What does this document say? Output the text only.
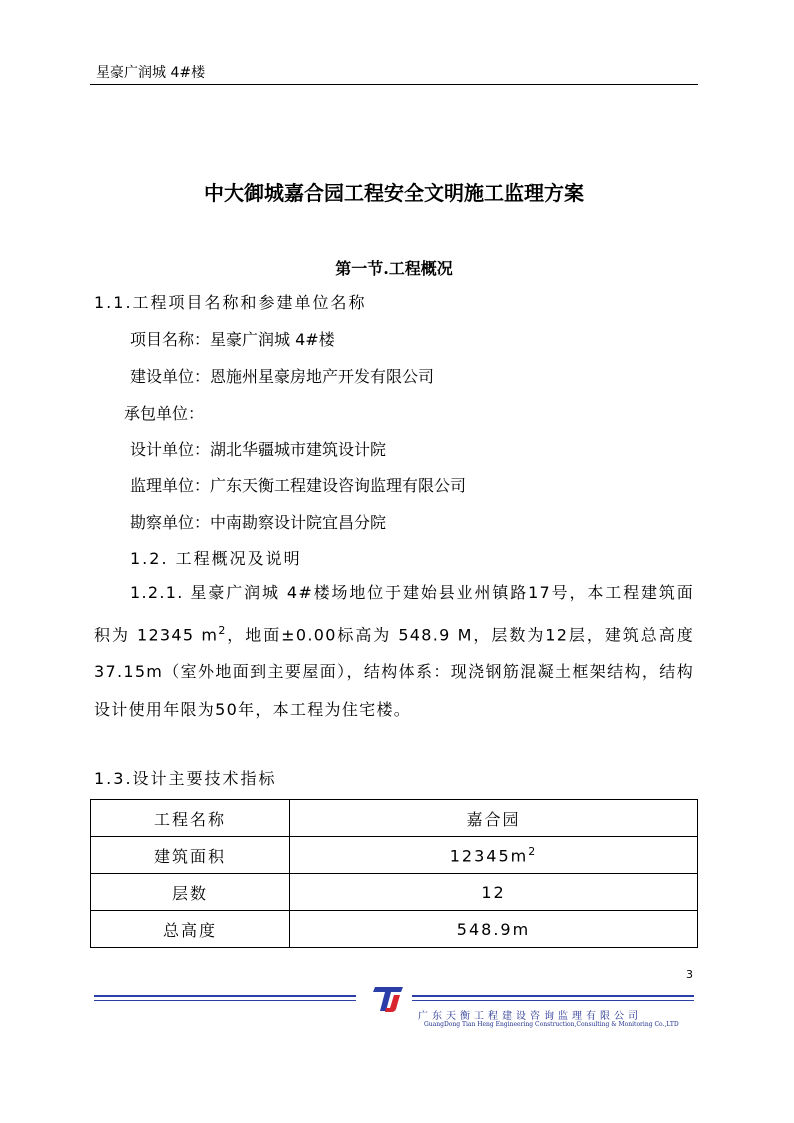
星豪广润城 4#楼
中大御城嘉合园工程安全文明施工监理方案
第一节.工程概况
1.1.工程项目名称和参建单位名称
项目名称：星豪广润城 4#楼
建设单位：恩施州星豪房地产开发有限公司
承包单位：
设计单位：湖北华疆城市建筑设计院
监理单位：广东天衡工程建设咨询监理有限公司
勘察单位：中南勘察设计院宜昌分院
1.2. 工程概况及说明
1.2.1. 星豪广润城 4#楼场地位于建始县业州镇路17号，本工程建筑面积为 12345 $m^2$，地面±0.00标高为 548.9 M，层数为12层，建筑总高度 37.15m（室外地面到主要屋面），结构体系：现浇钢筋混凝土框架结构，结构设计使用年限为50年，本工程为住宅楼。
1.3.设计主要技术指标
工程名称	嘉合园
建筑面积	$12345m^2$
层数	12
总高度	548.9m
3
广东天衡工程建设咨询监理有限公司
GuangDong Tian Heng Engineering Construction,Consulting & Monitoring Co.,LTD
